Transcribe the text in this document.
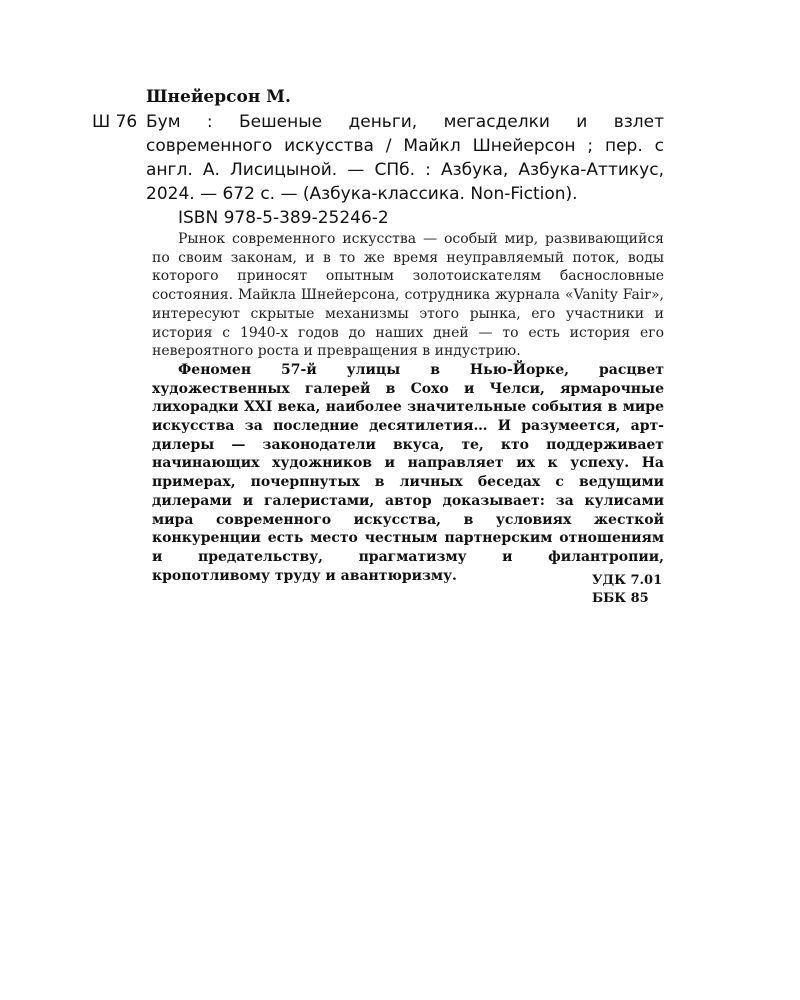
Шнейерсон М.
Ш 76 Бум : Бешеные деньги, мегасделки и взлет современного искусства / Майкл Шнейерсон ; пер. с англ. А. Лисицыной. — СПб. : Азбука, Азбука-Аттикус, 2024. — 672 с. — (Азбука-классика. Non-Fiction).
ISBN 978-5-389-25246-2

Рынок современного искусства — особый мир, развивающийся по своим законам, и в то же время неуправляемый поток, воды которого приносят опытным золотоискателям баснословные состояния. Майкла Шнейерсона, сотрудника журнала «Vanity Fair», интересуют скрытые механизмы этого рынка, его участники и история с 1940-х годов до наших дней — то есть история его невероятного роста и превращения в индустрию.

Феномен 57-й улицы в Нью-Йорке, расцвет художественных галерей в Сохо и Челси, ярмарочные лихорадки XXI века, наиболее значительные события в мире искусства за последние десятилетия… И разумеется, арт-дилеры — законодатели вкуса, те, кто поддерживает начинающих художников и направляет их к успеху. На примерах, почерпнутых в личных беседах с ведущими дилерами и галеристами, автор доказывает: за кулисами мира современного искусства, в условиях жесткой конкуренции есть место честным партнерским отношениям и предательству, прагматизму и филантропии, кропотливому труду и авантюризму.	УДК 7.01
ББК 85
